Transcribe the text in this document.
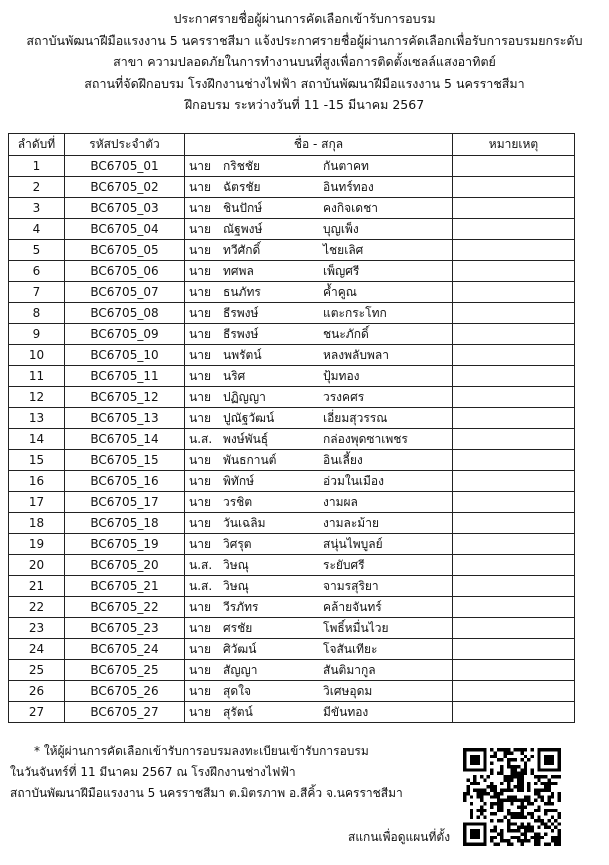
ประกาศรายชื่อผู้ผ่านการคัดเลือกเข้ารับการอบรม
สถาบันพัฒนาฝีมือแรงงาน 5 นครราชสีมา แจ้งประกาศรายชื่อผู้ผ่านการคัดเลือกเพื่อรับการอบรมยกระดับ
สาขา ความปลอดภัยในการทำงานบนที่สูงเพื่อการติดตั้งเซลล์แสงอาทิตย์
สถานที่จัดฝึกอบรม โรงฝึกงานช่างไฟฟ้า สถาบันพัฒนาฝีมือแรงงาน 5 นครราชสีมา
ฝึกอบรม ระหว่างวันที่ 11 -15 มีนาคม 2567
ลำดับที่	รหัสประจำตัว	ชื่อ - สกุล	หมายเหตุ
1	BC6705_01	นาย กริชชัย กันตาคท	
2	BC6705_02	นาย ฉัตรชัย อินทร์ทอง	
3	BC6705_03	นาย ชินปักษ์ คงกิจเดชา	
4	BC6705_04	นาย ณัฐพงษ์ บุญเพ็ง	
5	BC6705_05	นาย ทวีศักดิ์ ไชยเลิศ	
6	BC6705_06	นาย ทศพล เพ็ญศรี	
7	BC6705_07	นาย ธนภัทร ค้ำคูณ	
8	BC6705_08	นาย ธีรพงษ์ แตะกระโทก	
9	BC6705_09	นาย ธีรพงษ์ ชนะภักดิ์	
10	BC6705_10	นาย นพรัตน์ หลงพลับพลา	
11	BC6705_11	นาย นริศ ปุ้มทอง	
12	BC6705_12	นาย ปฏิญญา วรงคศร	
13	BC6705_13	นาย ปูณัฐวัฒน์ เอี่ยมสุวรรณ	
14	BC6705_14	น.ส. พงษ์พันธุ์ กล่องพุดซาเพชร	
15	BC6705_15	นาย พันธกานต์ อินเลี้ยง	
16	BC6705_16	นาย พิทักษ์ อ่วมในเมือง	
17	BC6705_17	นาย วรชิต งามผล	
18	BC6705_18	นาย วันเฉลิม งามละม้าย	
19	BC6705_19	นาย วิศรุต สนุ่นไพบูลย์	
20	BC6705_20	น.ส. วิษณุ ระยับศรี	
21	BC6705_21	น.ส. วิษณุ จามรสุริยา	
22	BC6705_22	นาย วีรภัทร คล้ายจันทร์	
23	BC6705_23	นาย ศรชัย โพธิ์หมื่นไวย	
24	BC6705_24	นาย ศิวัฒน์ โจสันเทียะ	
25	BC6705_25	นาย สัญญา สันติมากูล	
26	BC6705_26	นาย สุดใจ วิเศษอุดม	
27	BC6705_27	นาย สุรัตน์ มีขันทอง	
* ให้ผู้ผ่านการคัดเลือกเข้ารับการอบรมลงทะเบียนเข้ารับการอบรม
ในวันจันทร์ที่ 11 มีนาคม 2567 ณ โรงฝึกงานช่างไฟฟ้า
สถาบันพัฒนาฝีมือแรงงาน 5 นครราชสีมา ต.มิตรภาพ อ.สีคิ้ว จ.นครราชสีมา
สแกนเพื่อดูแผนที่ตั้ง
